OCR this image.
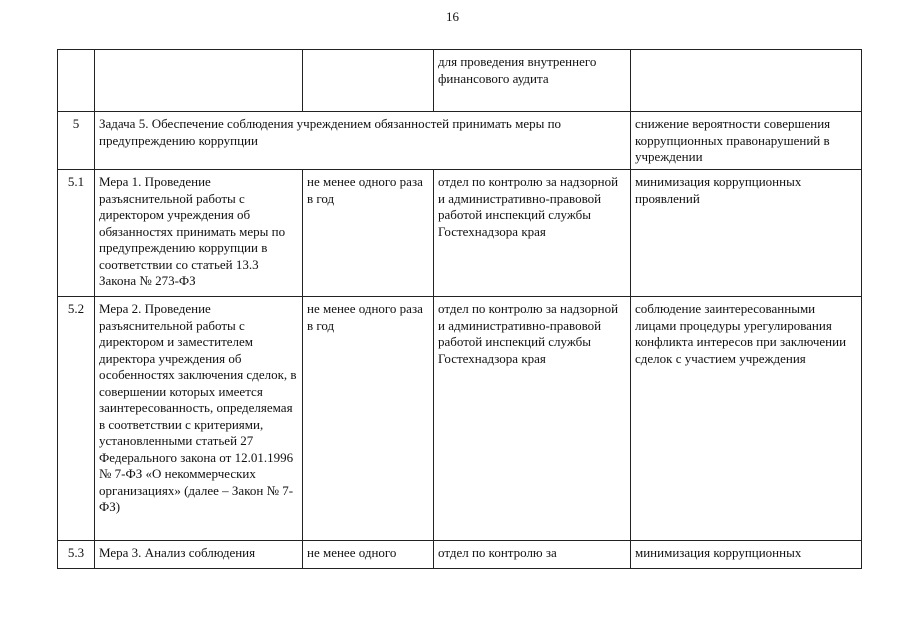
16
			для проведения внутреннего финансового аудита	
5	Задача 5. Обеспечение соблюдения учреждением обязанностей принимать меры по предупреждению коррупции			снижение вероятности совершения коррупционных правонарушений в учреждении
5.1	Мера 1. Проведение разъяснительной работы с директором учреждения об обязанностях принимать меры по предупреждению коррупции в соответствии со статьей 13.3 Закона № 273-ФЗ	не менее одного раза в год	отдел по контролю за надзорной и административно-правовой работой инспекций службы Гостехнадзора края	минимизация коррупционных проявлений
5.2	Мера 2. Проведение разъяснительной работы с директором и заместителем директора учреждения об особенностях заключения сделок, в совершении которых имеется заинтересованность, определяемая в соответствии с критериями, установленными статьей 27 Федерального закона от 12.01.1996 № 7-ФЗ «О некоммерческих организациях» (далее – Закон № 7-ФЗ)	не менее одного раза в год	отдел по контролю за надзорной и административно-правовой работой инспекций службы Гостехнадзора края	соблюдение заинтересованными лицами процедуры урегулирования конфликта интересов при заключении сделок с участием учреждения
5.3	Мера 3. Анализ соблюдения	не менее одного	отдел по контролю за	минимизация коррупционных
